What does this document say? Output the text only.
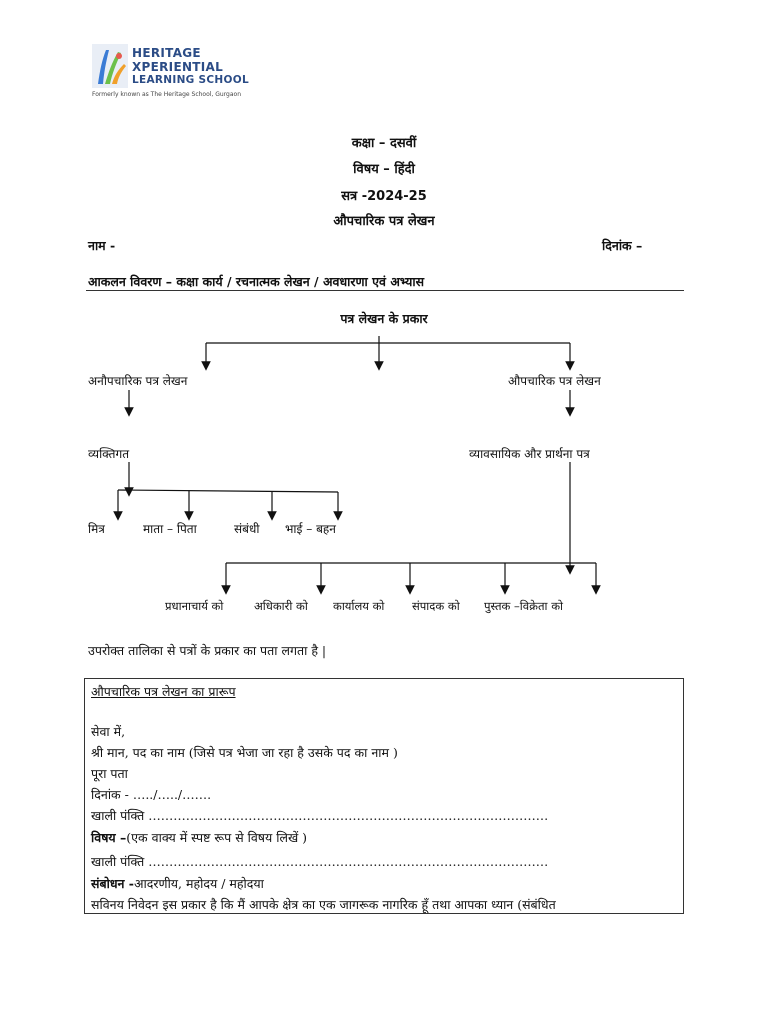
HERITAGE
XPERIENTIAL
LEARNING SCHOOL
Formerly known as The Heritage School, Gurgaon
कक्षा – दसवीं
विषय – हिंदी
सत्र -2024-25
औपचारिक पत्र लेखन
नाम -	दिनांक –
आकलन विवरण – कक्षा कार्य / रचनात्मक लेखन / अवधारणा एवं अभ्यास
पत्र लेखन के प्रकार
अनौपचारिक पत्र लेखन	औपचारिक पत्र लेखन
व्यक्तिगत	व्यावसायिक और प्रार्थना पत्र
मित्र	माता – पिता	संबंधी भाई – बहन
प्रधानाचार्य को	अधिकारी को कार्यालय को संपादक को पुस्तक –विक्रेता को
उपरोक्त तालिका से पत्रों के प्रकार का पता लगता है |
औपचारिक पत्र लेखन का प्रारूप
सेवा में,
श्री मान, पद का नाम (जिसे पत्र भेजा जा रहा है उसके पद का नाम )
पूरा पता
दिनांक - …../…../…….
खाली पंक्ति ……………………………………………………………………………………
विषय –(एक वाक्य में स्पष्ट रूप से विषय लिखें )
खाली पंक्ति ……………………………………………………………………………………
संबोधन -आदरणीय, महोदय / महोदया
सविनय निवेदन इस प्रकार है कि मैं आपके क्षेत्र का एक जागरूक नागरिक हूँ तथा आपका ध्यान (संबंधित
